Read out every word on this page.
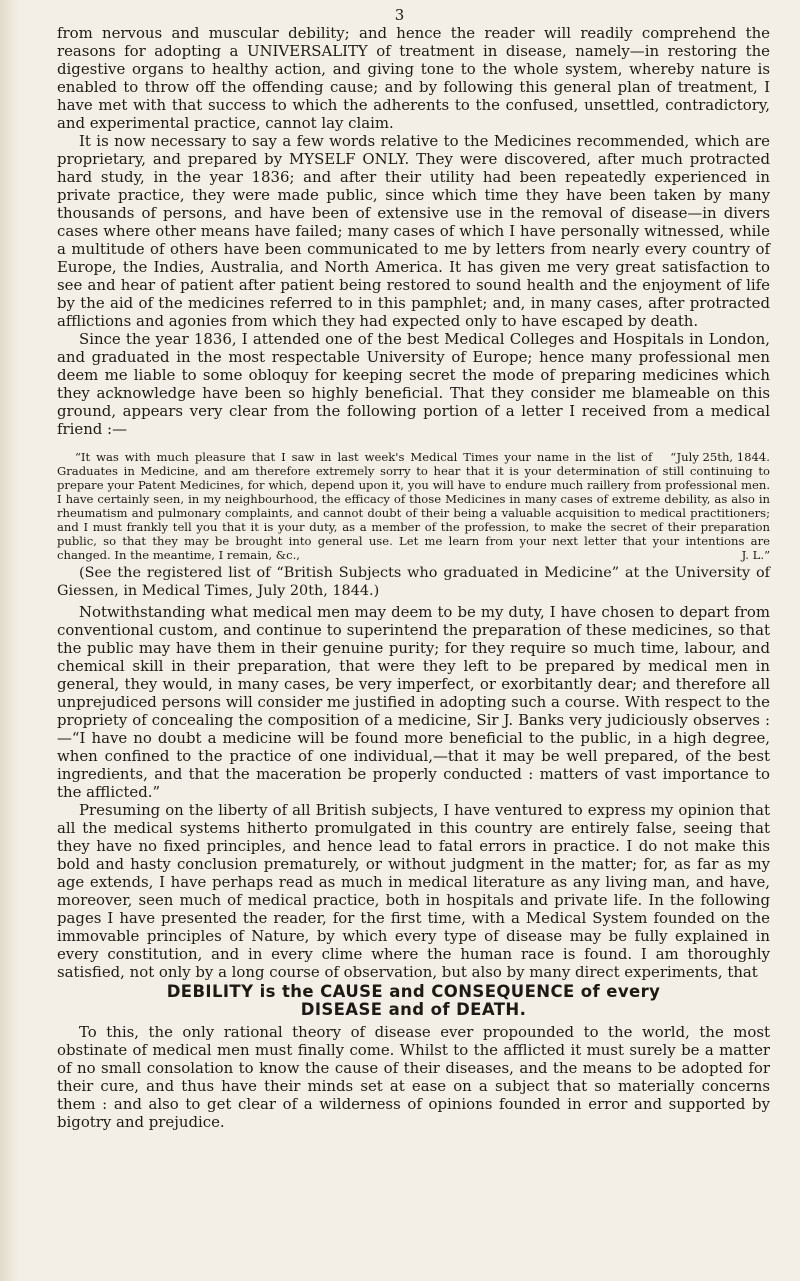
3

from nervous and muscular debility; and hence the reader will readily comprehend the reasons for adopting a UNIVERSALITY of treatment in disease, namely—in restoring the digestive organs to healthy action, and giving tone to the whole system, whereby nature is enabled to throw off the offending cause; and by following this general plan of treatment, I have met with that success to which the adherents to the confused, unsettled, contradictory, and experimental practice, cannot lay claim.

It is now necessary to say a few words relative to the Medicines recommended, which are proprietary, and prepared by MYSELF ONLY. They were discovered, after much protracted hard study, in the year 1836; and after their utility had been repeatedly experienced in private practice, they were made public, since which time they have been taken by many thousands of persons, and have been of extensive use in the removal of disease—in divers cases where other means have failed; many cases of which I have personally witnessed, while a multitude of others have been communicated to me by letters from nearly every country of Europe, the Indies, Australia, and North America. It has given me very great satisfaction to see and hear of patient after patient being restored to sound health and the enjoyment of life by the aid of the medicines referred to in this pamphlet; and, in many cases, after protracted afflictions and agonies from which they had expected only to have escaped by death.

Since the year 1836, I attended one of the best Medical Colleges and Hospitals in London, and graduated in the most respectable University of Europe; hence many professional men deem me liable to some obloquy for keeping secret the mode of preparing medicines which they acknowledge have been so highly beneficial. That they consider me blameable on this ground, appears very clear from the following portion of a letter I received from a medical friend :—

“July 25th, 1844.
“It was with much pleasure that I saw in last week's Medical Times your name in the list of Graduates in Medicine, and am therefore extremely sorry to hear that it is your determination of still continuing to prepare your Patent Medicines, for which, depend upon it, you will have to endure much raillery from professional men. I have certainly seen, in my neighbourhood, the efficacy of those Medicines in many cases of extreme debility, as also in rheumatism and pulmonary complaints, and cannot doubt of their being a valuable acquisition to medical practitioners; and I must frankly tell you that it is your duty, as a member of the profession, to make the secret of their preparation public, so that they may be brought into general use. Let me learn from your next letter that your intentions are changed. In the meantime, I remain, &c.,	J. L.”

(See the registered list of “British Subjects who graduated in Medicine” at the University of Giessen, in Medical Times, July 20th, 1844.)

Notwithstanding what medical men may deem to be my duty, I have chosen to depart from conventional custom, and continue to superintend the preparation of these medicines, so that the public may have them in their genuine purity; for they require so much time, labour, and chemical skill in their preparation, that were they left to be prepared by medical men in general, they would, in many cases, be very imperfect, or exorbitantly dear; and therefore all unprejudiced persons will consider me justified in adopting such a course. With respect to the propriety of concealing the composition of a medicine, Sir J. Banks very judiciously observes :—“I have no doubt a medicine will be found more beneficial to the public, in a high degree, when confined to the practice of one individual,—that it may be well prepared, of the best ingredients, and that the maceration be properly conducted : matters of vast importance to the afflicted.”

Presuming on the liberty of all British subjects, I have ventured to express my opinion that all the medical systems hitherto promulgated in this country are entirely false, seeing that they have no fixed principles, and hence lead to fatal errors in practice. I do not make this bold and hasty conclusion prematurely, or without judgment in the matter; for, as far as my age extends, I have perhaps read as much in medical literature as any living man, and have, moreover, seen much of medical practice, both in hospitals and private life. In the following pages I have presented the reader, for the first time, with a Medical System founded on the immovable principles of Nature, by which every type of disease may be fully explained in every constitution, and in every clime where the human race is found. I am thoroughly satisfied, not only by a long course of observation, but also by many direct experiments, that

DEBILITY is the CAUSE and CONSEQUENCE of every
DISEASE and of DEATH.

To this, the only rational theory of disease ever propounded to the world, the most obstinate of medical men must finally come. Whilst to the afflicted it must surely be a matter of no small consolation to know the cause of their diseases, and the means to be adopted for their cure, and thus have their minds set at ease on a subject that so materially concerns them : and also to get clear of a wilderness of opinions founded in error and supported by bigotry and prejudice.
